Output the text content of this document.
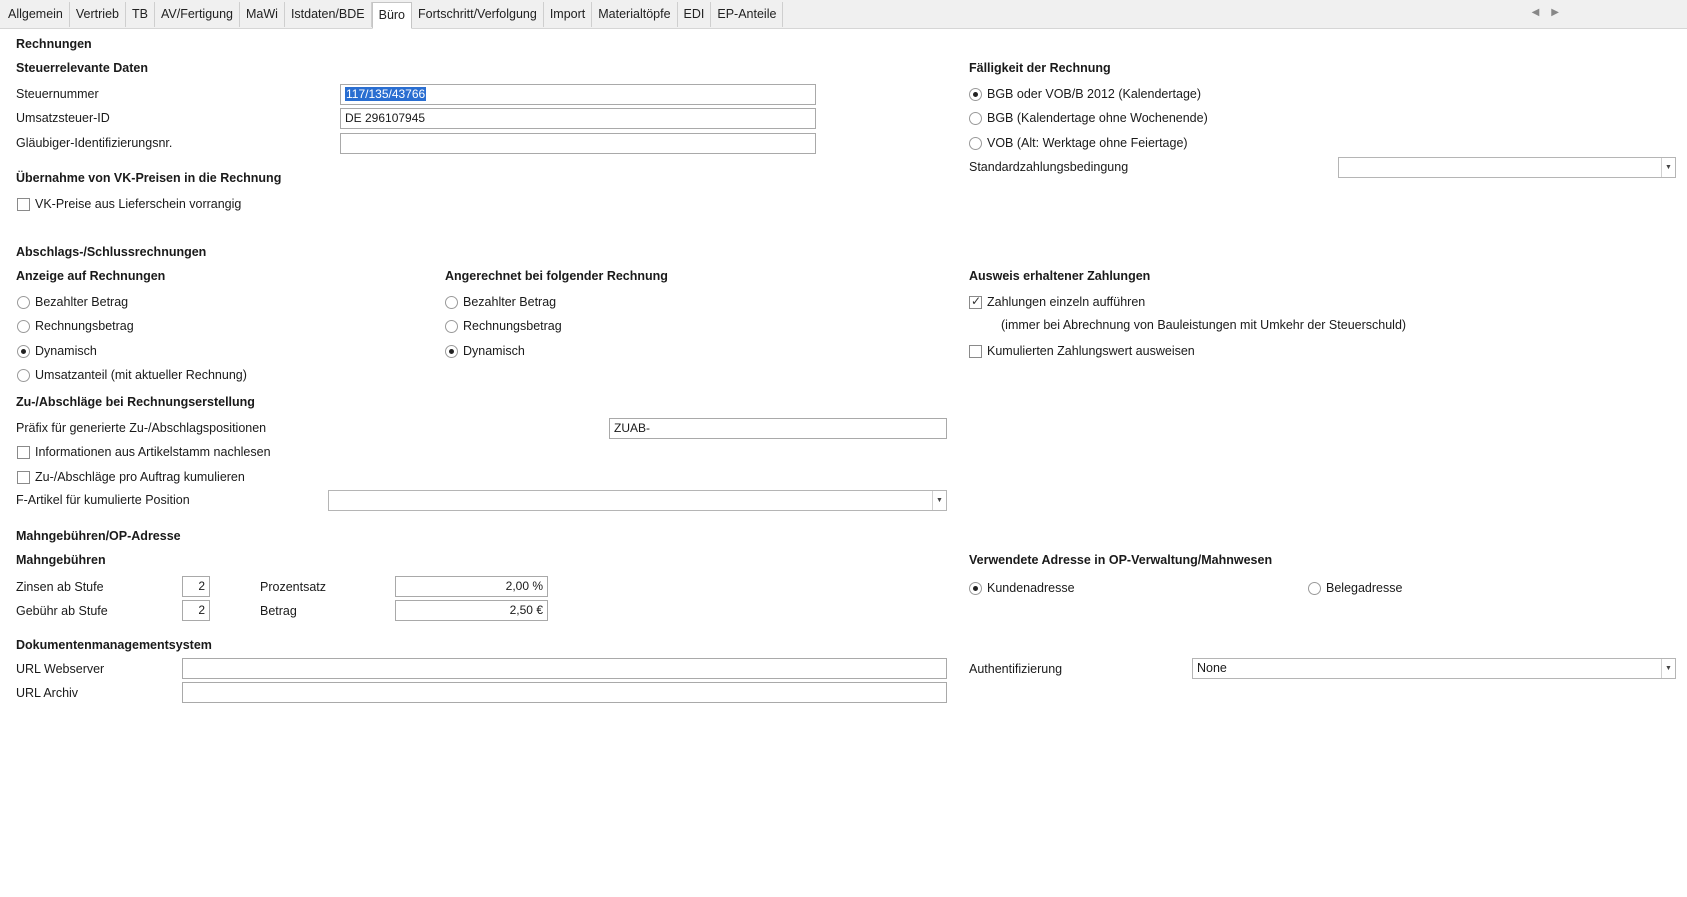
Allgemein	Vertrieb	TB	AV/Fertigung	MaWi	Istdaten/BDE	Büro	Fortschritt/Verfolgung	Import	Materialtöpfe	EDI	EP-Anteile	◀ ▶
Rechnungen
Steuerrelevante Daten
Steuernummer	117/135/43766
Umsatzsteuer-ID	DE 296107945
Gläubiger-Identifizierungsnr.
Übernahme von VK-Preisen in die Rechnung
VK-Preise aus Lieferschein vorrangig
Fälligkeit der Rechnung
BGB oder VOB/B 2012 (Kalendertage)
BGB (Kalendertage ohne Wochenende)
VOB (Alt: Werktage ohne Feiertage)
Standardzahlungsbedingung	▼
Abschlags-/Schlussrechnungen
Anzeige auf Rechnungen
Bezahlter Betrag
Rechnungsbetrag
Dynamisch
Umsatzanteil (mit aktueller Rechnung)
Angerechnet bei folgender Rechnung
Bezahlter Betrag
Rechnungsbetrag
Dynamisch
Ausweis erhaltener Zahlungen
✓
Zahlungen einzeln aufführen
(immer bei Abrechnung von Bauleistungen mit Umkehr der Steuerschuld)
Kumulierten Zahlungswert ausweisen
Zu-/Abschläge bei Rechnungserstellung
Präfix für generierte Zu-/Abschlagspositionen	ZUAB-
Informationen aus Artikelstamm nachlesen
Zu-/Abschläge pro Auftrag kumulieren
F-Artikel für kumulierte Position	▼
Mahngebühren/OP-Adresse
Mahngebühren
Zinsen ab Stufe	2	Prozentsatz	2,00 %
Gebühr ab Stufe	2	Betrag	2,50 €
Verwendete Adresse in OP-Verwaltung/Mahnwesen
Kundenadresse	Belegadresse
Dokumentenmanagementsystem
URL Webserver
URL Archiv
Authentifizierung	None	▼
